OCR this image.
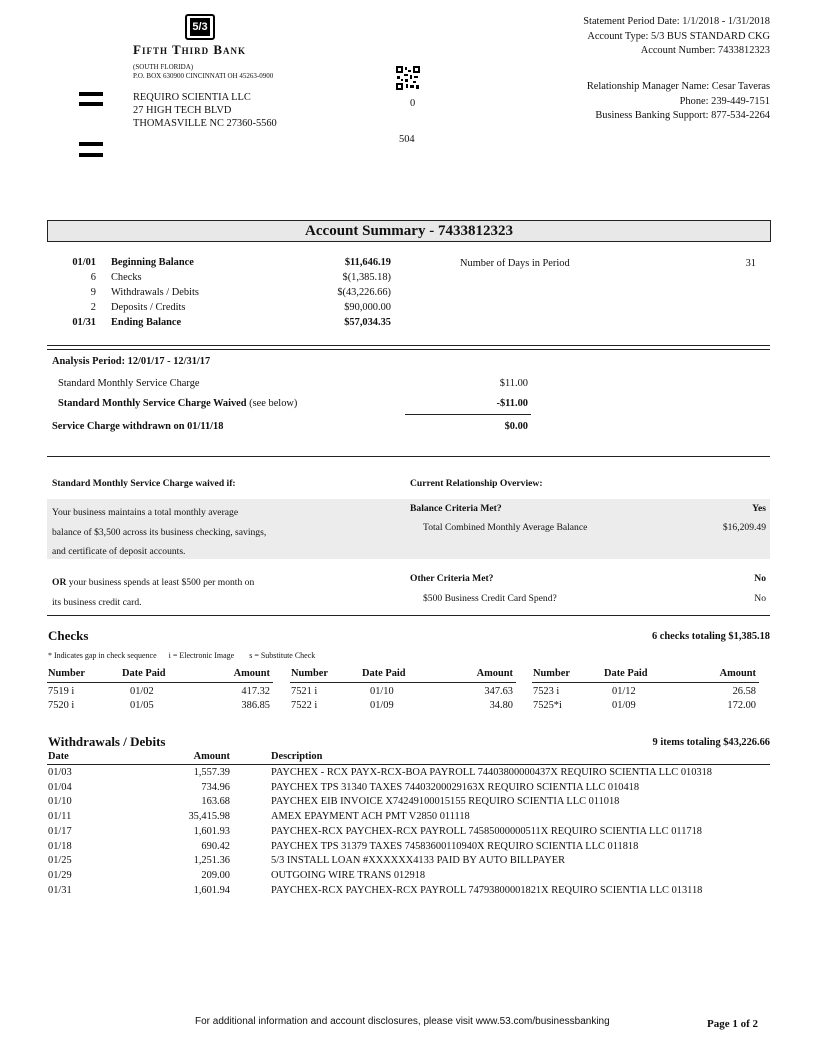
5/3
Fifth Third Bank
(SOUTH FLORIDA)
P.O. BOX 630900 CINCINNATI OH 45263-0900
REQUIRO SCIENTIA LLC
27 HIGH TECH BLVD
THOMASVILLE NC 27360-5560
0
504
Statement Period Date: 1/1/2018 - 1/31/2018
Account Type: 5/3 BUS STANDARD CKG
Account Number: 7433812323
Relationship Manager Name: Cesar Taveras
Phone: 239-449-7151
Business Banking Support: 877-534-2264
Account Summary - 7433812323
01/01 Beginning Balance	$11,646.19
6 Checks	$(1,385.18)
9 Withdrawals / Debits	$(43,226.66)
2 Deposits / Credits	$90,000.00
01/31 Ending Balance	$57,034.35
Number of Days in Period	31
Analysis Period: 12/01/17 - 12/31/17
Standard Monthly Service Charge	$11.00
Standard Monthly Service Charge Waived (see below)	-$11.00
Service Charge withdrawn on 01/11/18	$0.00
Standard Monthly Service Charge waived if:	Current Relationship Overview:
Your business maintains a total monthly average
balance of $3,500 across its business checking, savings,
and certificate of deposit accounts.
Balance Criteria Met?	Yes
Total Combined Monthly Average Balance	$16,209.49
OR your business spends at least $500 per month on
its business credit card.
Other Criteria Met?	No
$500 Business Credit Card Spend?	No
Checks	6 checks totaling $1,385.18
* Indicates gap in check sequence i = Electronic Image s = Substitute Check
Number	Date Paid	Amount
7519 i	01/02	417.32
7520 i	01/05	386.85
Number	Date Paid	Amount
7521 i	01/10	347.63
7522 i	01/09	34.80
Number	Date Paid	Amount
7523 i	01/12	26.58
7525*i	01/09	172.00
Withdrawals / Debits	9 items totaling $43,226.66
Date	Amount	Description
01/03	1,557.39	PAYCHEX - RCX PAYX-RCX-BOA PAYROLL 74403800000437X REQUIRO SCIENTIA LLC 010318
01/04	734.96	PAYCHEX TPS 31340 TAXES 74403200029163X REQUIRO SCIENTIA LLC 010418
01/10	163.68	PAYCHEX EIB INVOICE X74249100015155 REQUIRO SCIENTIA LLC 011018
01/11	35,415.98	AMEX EPAYMENT ACH PMT V2850 011118
01/17	1,601.93	PAYCHEX-RCX PAYCHEX-RCX PAYROLL 74585000000511X REQUIRO SCIENTIA LLC 011718
01/18	690.42	PAYCHEX TPS 31379 TAXES 74583600110940X REQUIRO SCIENTIA LLC 011818
01/25	1,251.36	5/3 INSTALL LOAN #XXXXXX4133 PAID BY AUTO BILLPAYER
01/29	209.00	OUTGOING WIRE TRANS 012918
01/31	1,601.94	PAYCHEX-RCX PAYCHEX-RCX PAYROLL 74793800001821X REQUIRO SCIENTIA LLC 013118
For additional information and account disclosures, please visit www.53.com/businessbanking	Page 1 of 2
